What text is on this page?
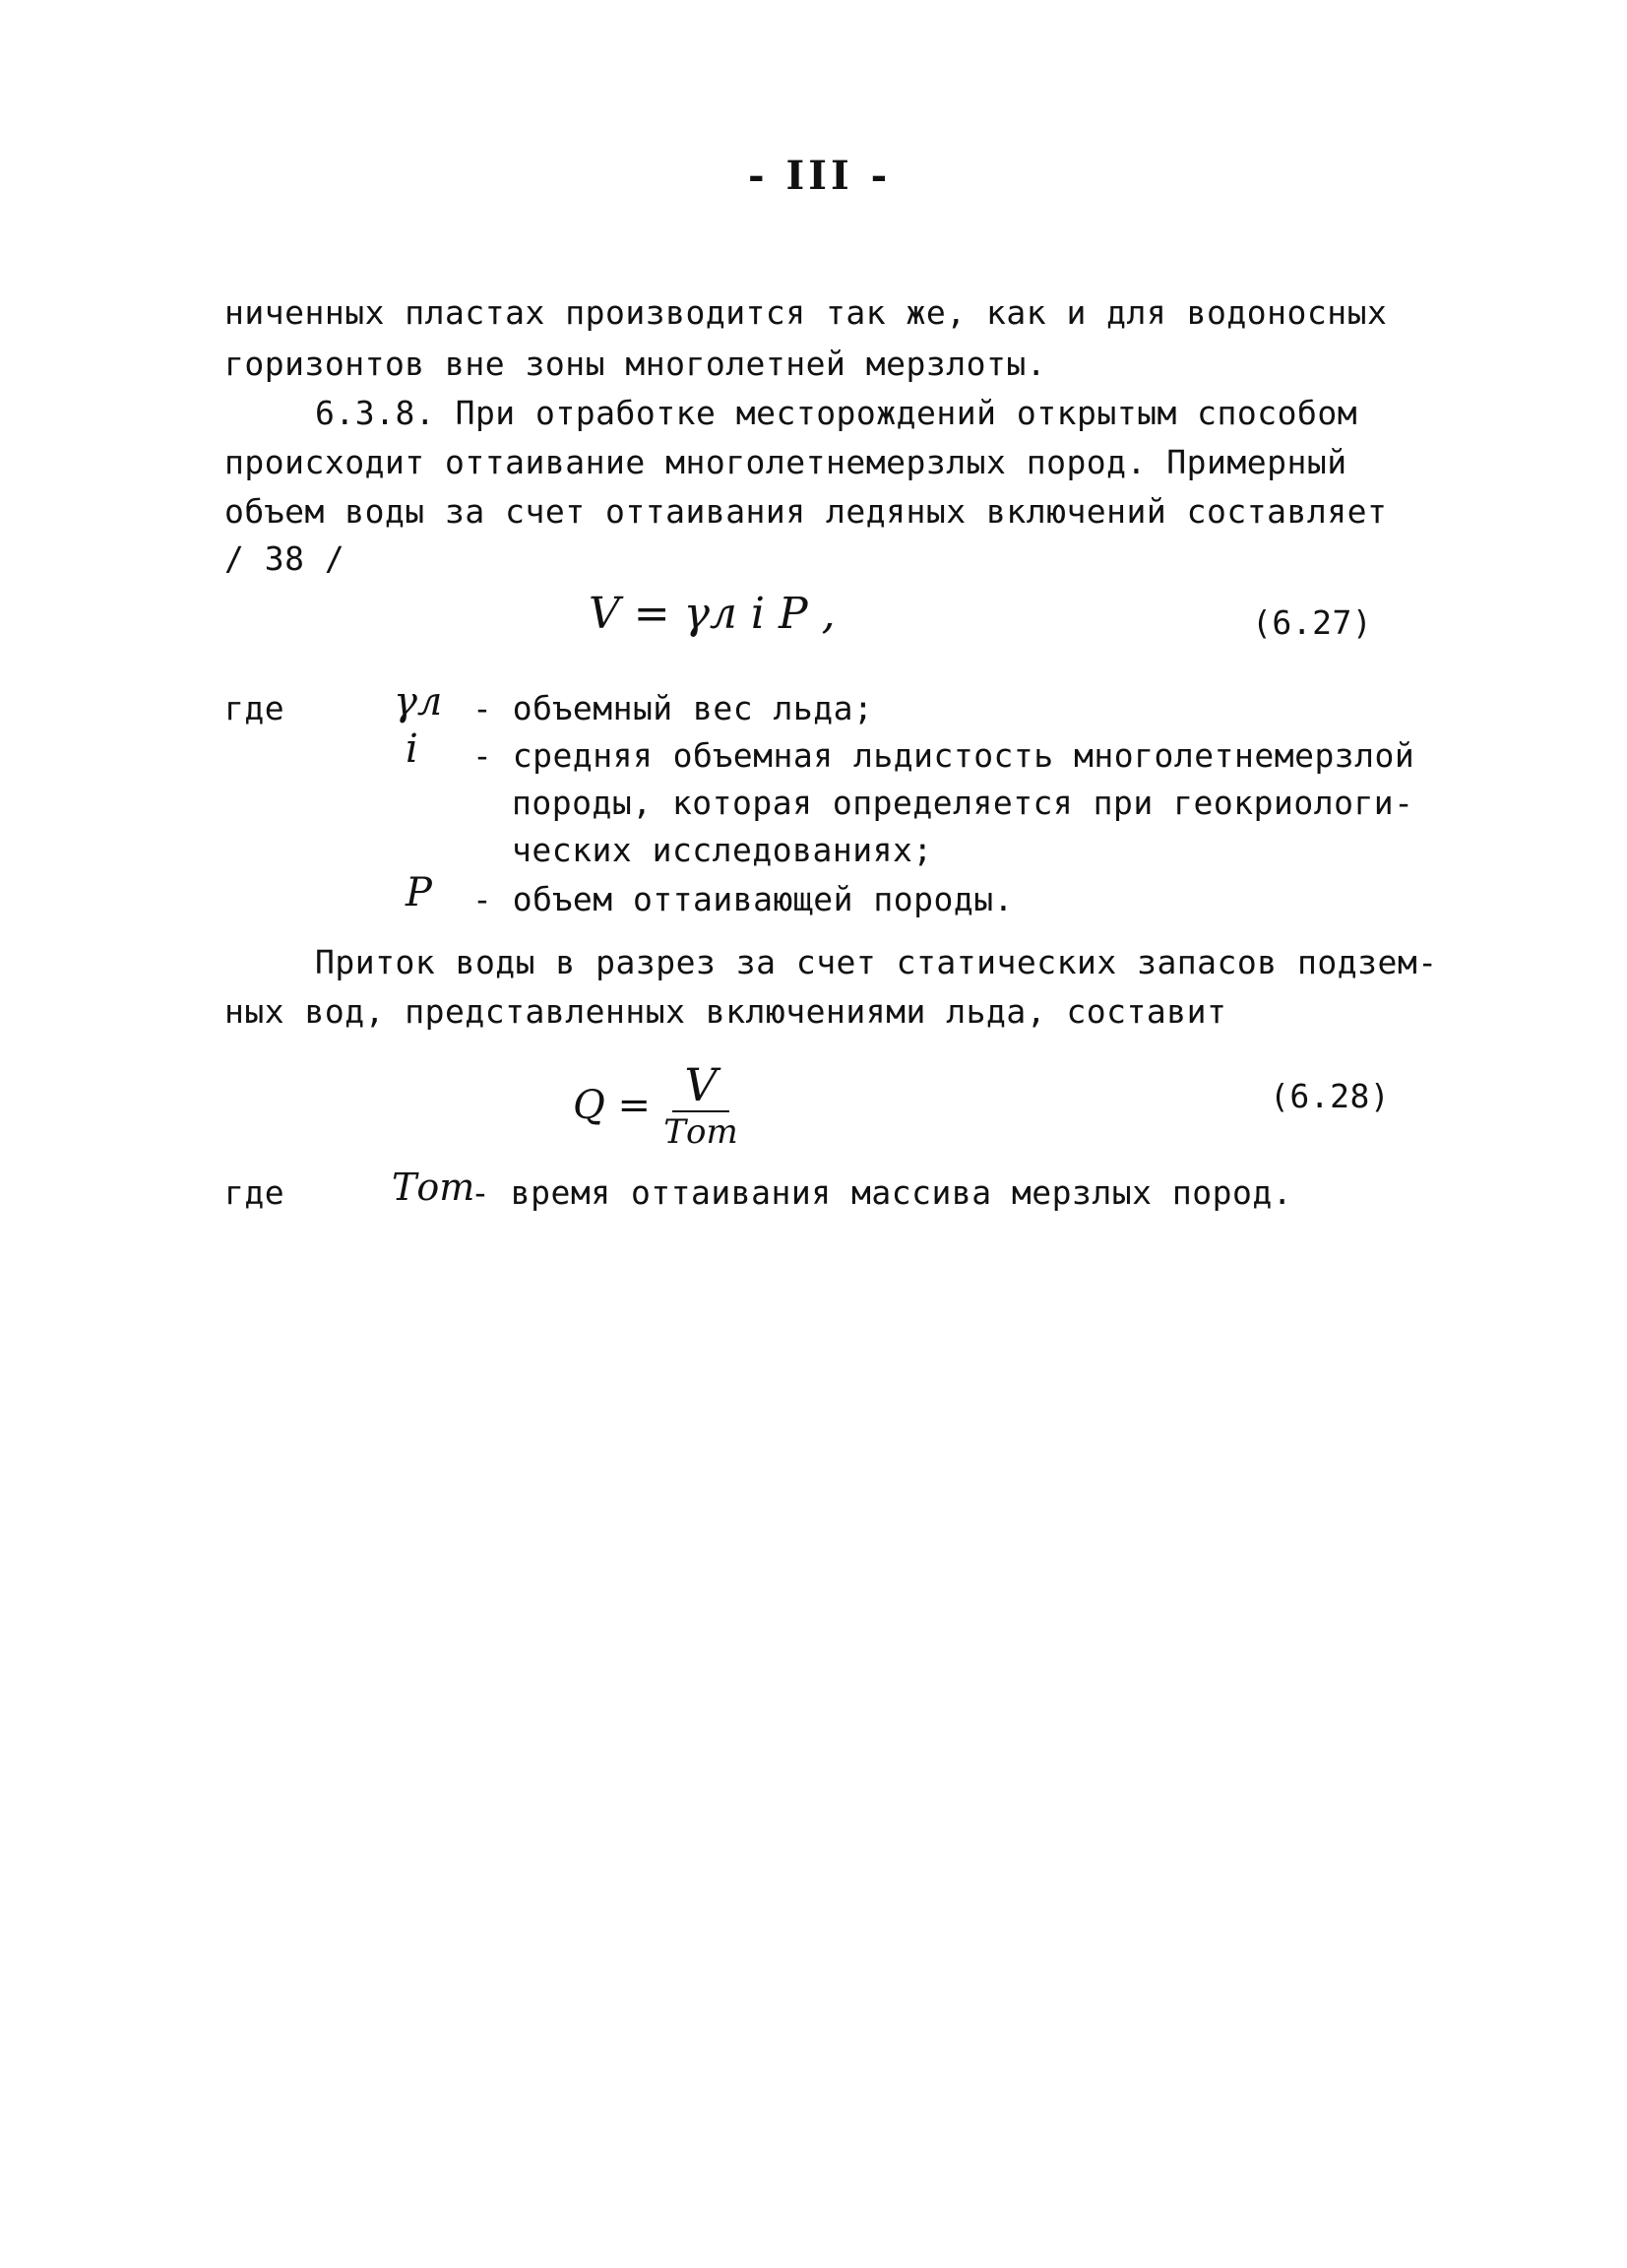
- III -
ниченных пластах производится так же, как и для водоносных
горизонтов вне зоны многолетней мерзлоты.
6.3.8. При отработке месторождений открытым способом
происходит оттаивание многолетнемерзлых пород. Примерный
объем воды за счет оттаивания ледяных включений составляет
/ 38 /
V = γл i P ,	(6.27)
где	γл - объемный вес льда;
i - средняя объемная льдистость многолетнемерзлой
породы, которая определяется при геокриологи-
ческих исследованиях;
P - объем оттаивающей породы.
Приток воды в разрез за счет статических запасов подзем-
ных вод, представленных включениями льда, составит
Q = V
Tот
(6.28)
где	Tот
- время оттаивания массива мерзлых пород.
